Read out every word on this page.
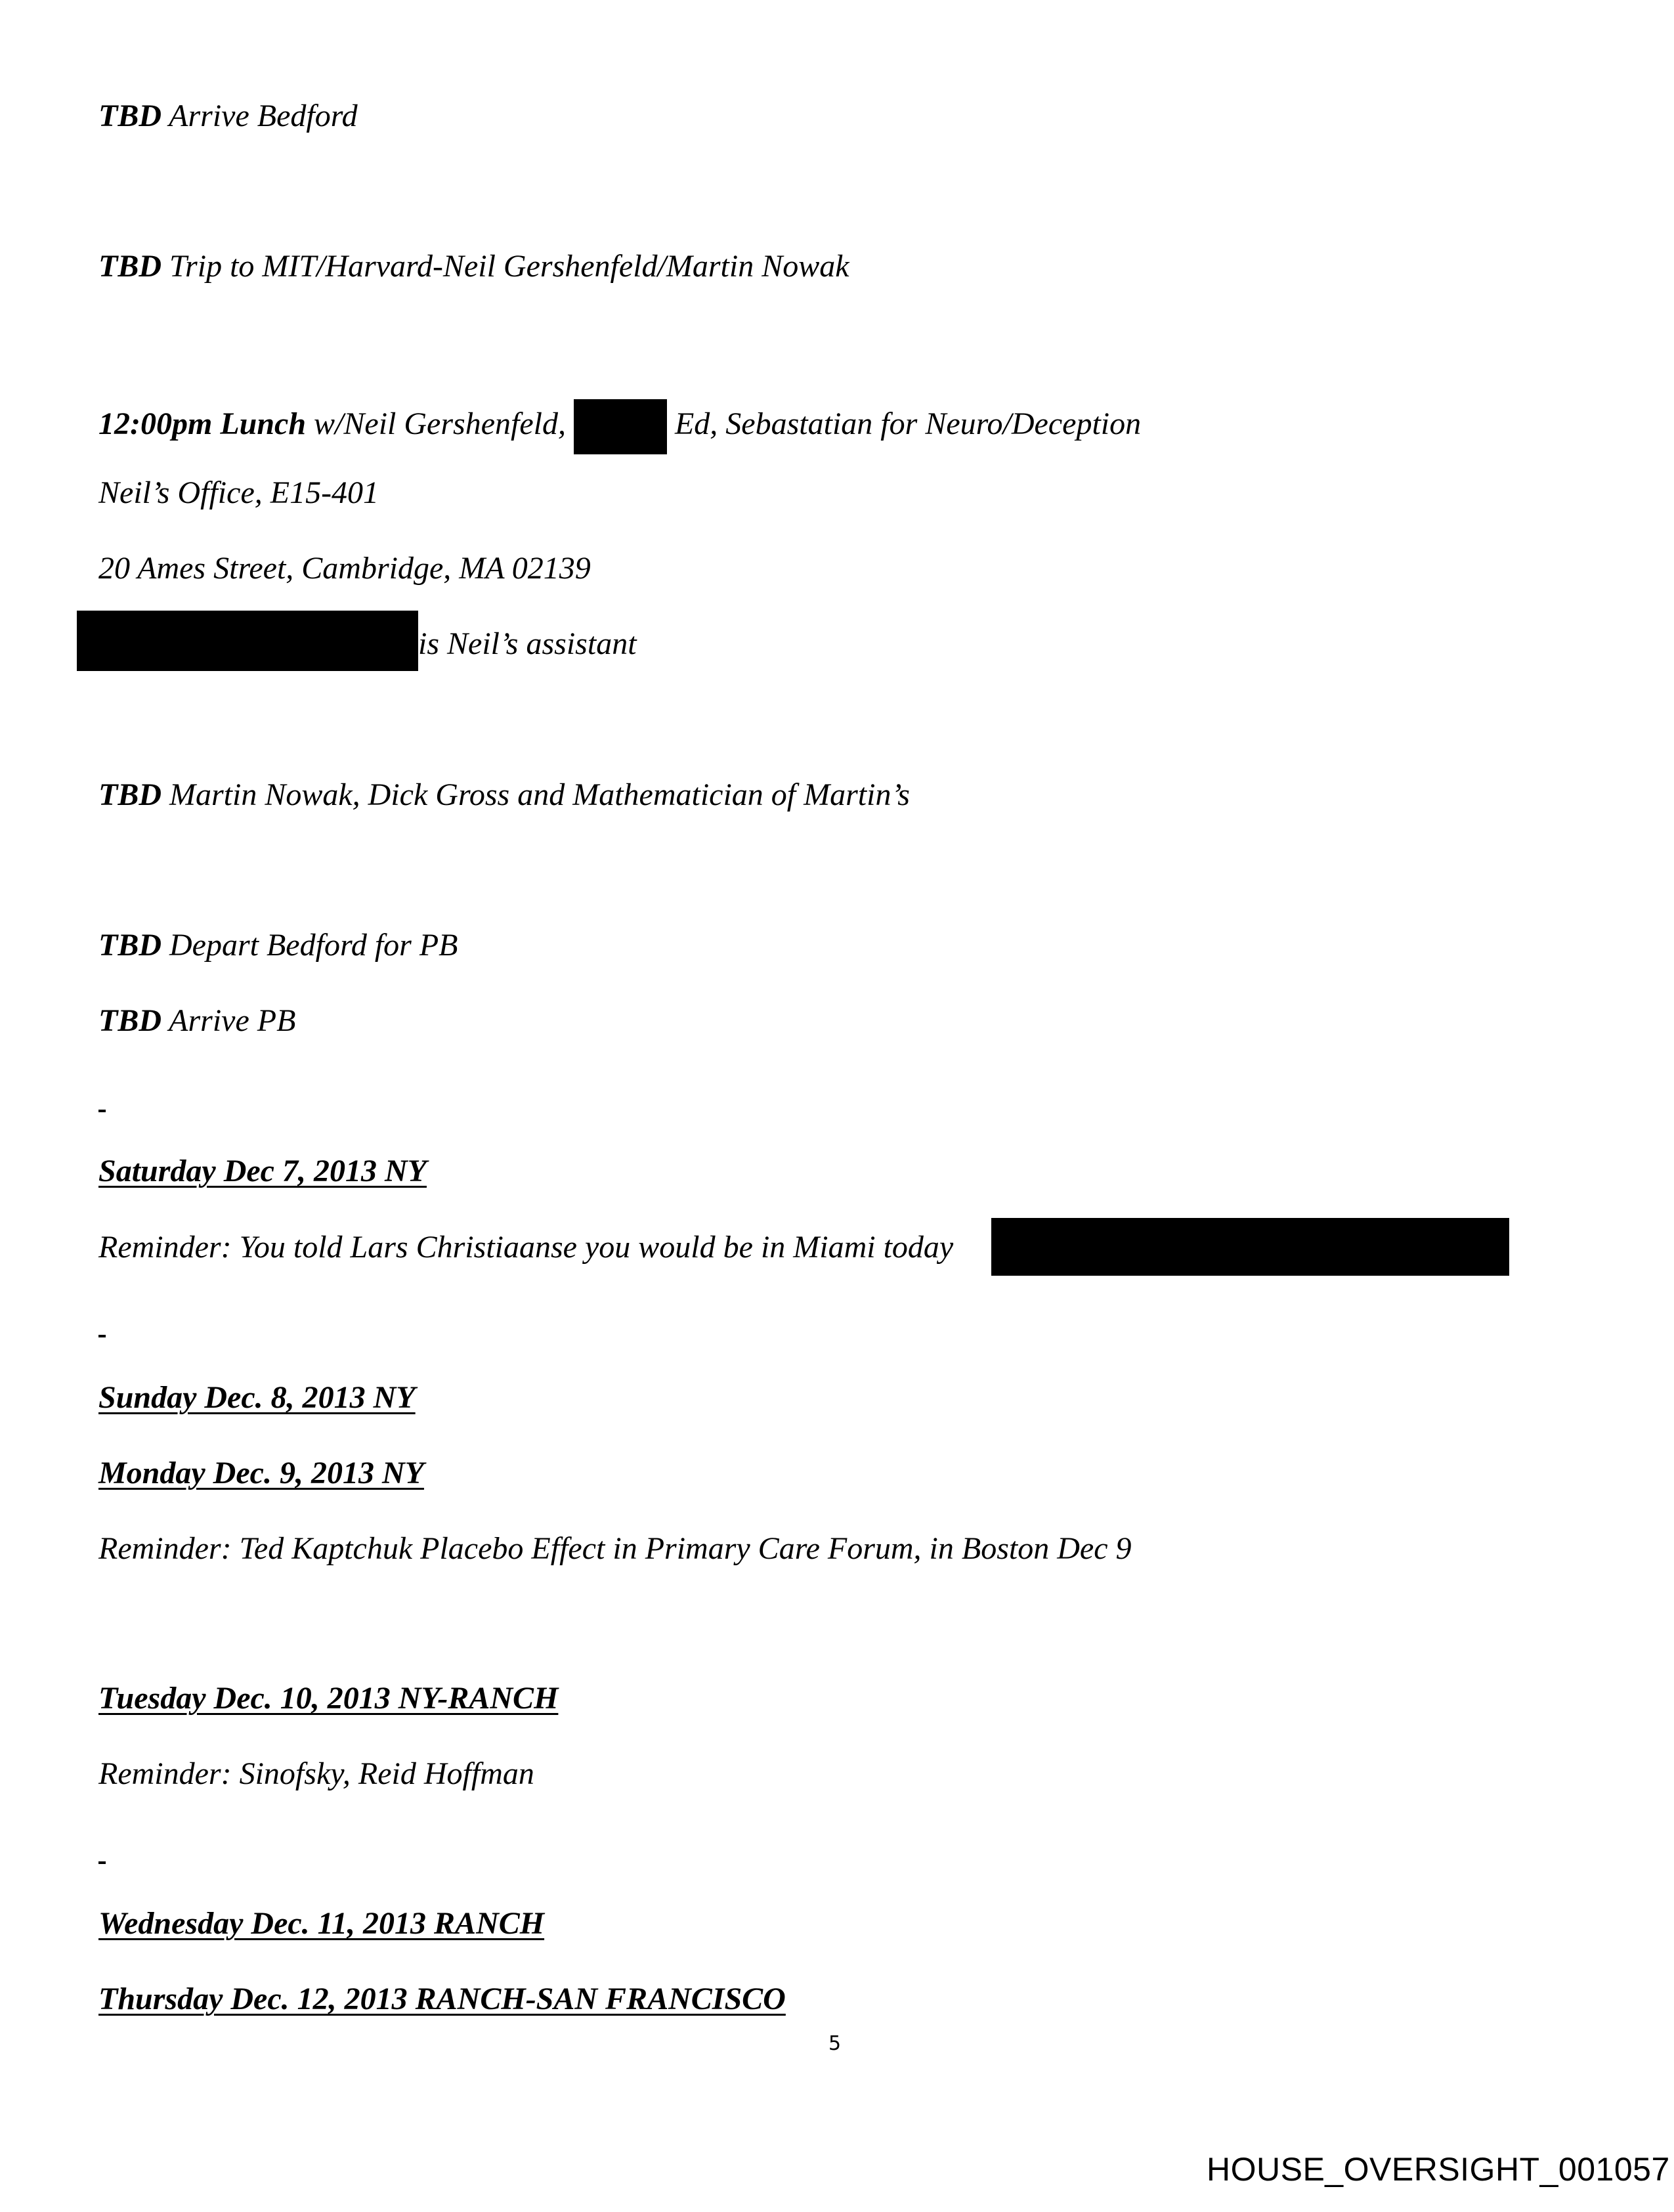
TBD Arrive Bedford
TBD Trip to MIT/Harvard-Neil Gershenfeld/Martin Nowak
12:00pm Lunch w/Neil Gershenfeld,	Ed, Sebastatian for Neuro/Deception
Neil’s Office, E15-401
20 Ames Street, Cambridge, MA 02139
is Neil’s assistant
TBD Martin Nowak, Dick Gross and Mathematician of Martin’s
TBD Depart Bedford for PB
TBD Arrive PB
Saturday Dec 7, 2013 NY
Reminder: You told Lars Christiaanse you would be in Miami today
Sunday Dec. 8, 2013 NY
Monday Dec. 9, 2013 NY
Reminder: Ted Kaptchuk Placebo Effect in Primary Care Forum, in Boston Dec 9
Tuesday Dec. 10, 2013 NY-RANCH
Reminder: Sinofsky, Reid Hoffman
Wednesday Dec. 11, 2013 RANCH
Thursday Dec. 12, 2013 RANCH-SAN FRANCISCO
5
HOUSE_OVERSIGHT_001057
